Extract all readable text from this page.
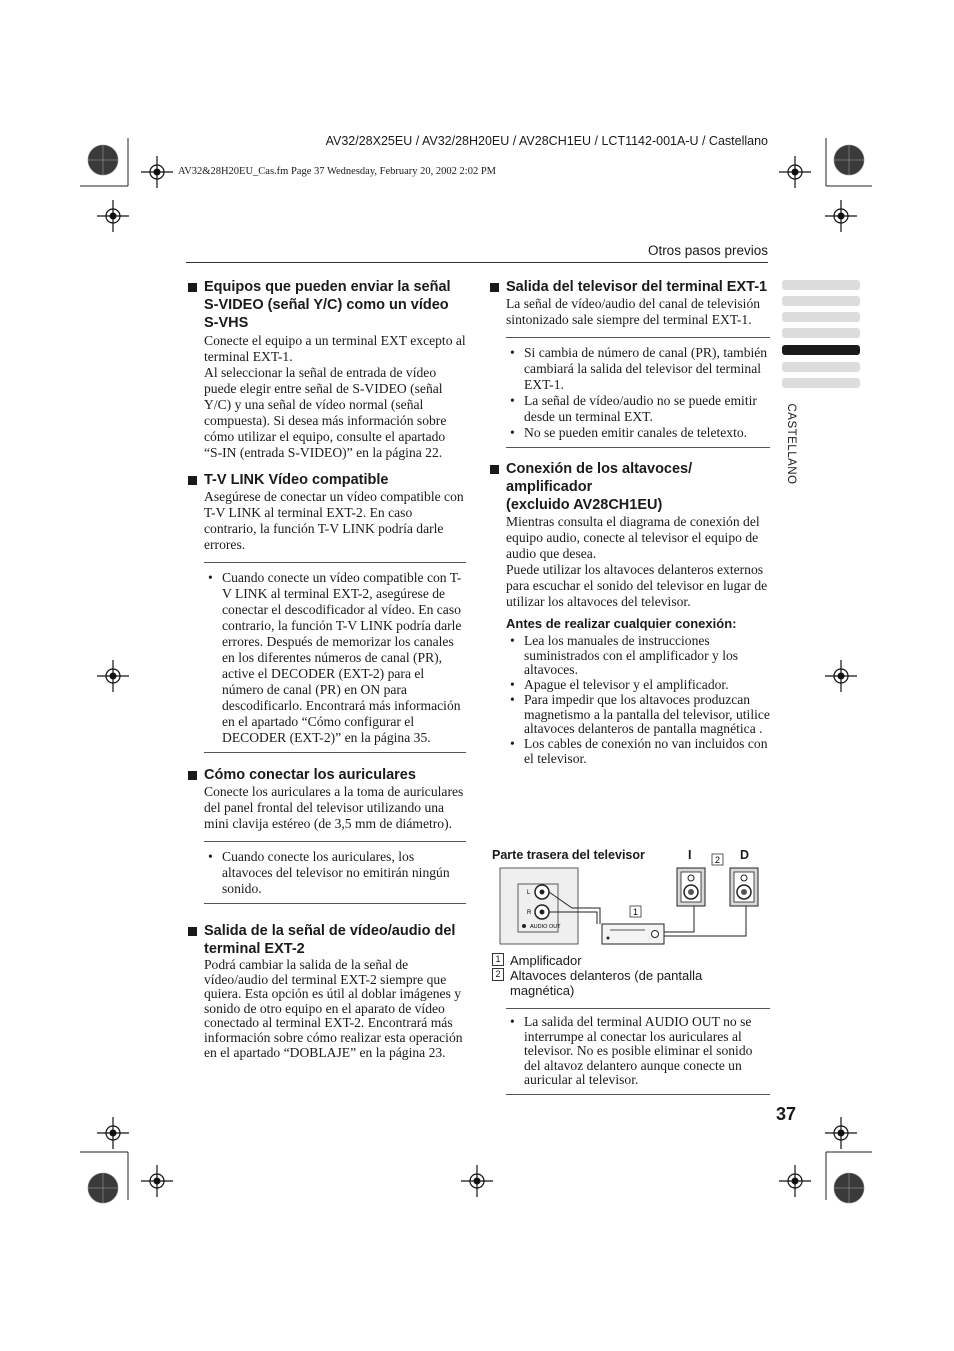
AV32/28X25EU / AV32/28H20EU / AV28CH1EU / LCT1142-001A-U / Castellano
AV32&28H20EU_Cas.fm Page 37 Wednesday, February 20, 2002 2:02 PM
Otros pasos previos
CASTELLANO
Equipos que pueden enviar la señal S-VIDEO (señal Y/C) como un vídeo S-VHS

Conecte el equipo a un terminal EXT excepto al terminal EXT-1.

Al seleccionar la señal de entrada de vídeo puede elegir entre señal de S-VIDEO (señal Y/C) y una señal de vídeo normal (señal compuesta). Si desea más información sobre cómo utilizar el equipo, consulte el apartado “S-IN (entrada S-VIDEO)” en la página 22.

T-V LINK Vídeo compatible

Asegúrese de conectar un vídeo compatible con T-V LINK al terminal EXT-2. En caso contrario, la función T-V LINK podría darle errores.

• Cuando conecte un vídeo compatible con T-V LINK al terminal EXT-2, asegúrese de conectar el descodificador al vídeo. En caso contrario, la función T-V LINK podría darle errores. Después de memorizar los canales en los diferentes números de canal (PR), active el DECODER (EXT-2) para el número de canal (PR) en ON para descodificarlo. Encontrará más información en el apartado “Cómo configurar el DECODER (EXT-2)” en la página 35.
Cómo conectar los auriculares

Conecte los auriculares a la toma de auriculares del panel frontal del televisor utilizando una mini clavija estéreo (de 3,5 mm de diámetro).

• Cuando conecte los auriculares, los altavoces del televisor no emitirán ningún sonido.
Salida de la señal de vídeo/audio del terminal EXT-2

Podrá cambiar la salida de la señal de vídeo/audio del terminal EXT-2 siempre que quiera. Esta opción es útil al doblar imágenes y sonido de otro equipo en el aparato de vídeo conectado al terminal EXT-2. Encontrará más información sobre cómo realizar esta operación en el apartado “DOBLAJE” en la página 23.

Salida del televisor del terminal EXT-1

La señal de vídeo/audio del canal de televisión sintonizado sale siempre del terminal EXT-1.

• Si cambia de número de canal (PR), también cambiará la salida del televisor del terminal EXT-1.
• La señal de vídeo/audio no se puede emitir desde un terminal EXT.
• No se pueden emitir canales de teletexto.
Conexión de los altavoces/
amplificador
(excluido AV28CH1EU)

Mientras consulta el diagrama de conexión del equipo audio, conecte al televisor el equipo de audio que desea.

Puede utilizar los altavoces delanteros externos para escuchar el sonido del televisor en lugar de utilizar los altavoces del televisor.

Antes de realizar cualquier conexión:

• Lea los manuales de instrucciones suministrados con el amplificador y los altavoces.
• Apague el televisor y el amplificador.
• Para impedir que los altavoces produzcan magnetismo a la pantalla del televisor, utilice altavoces delanteros de pantalla magnética .
• Los cables de conexión no van incluidos con el televisor.
Parte trasera del televisor	I	D
2
L
R
AUDIO OUT
1
1 Amplificador
2 Altavoces delanteros (de pantalla magnética)
• La salida del terminal AUDIO OUT no se interrumpe al conectar los auriculares al televisor. No es posible eliminar el sonido del altavoz delantero aunque conecte un auricular al televisor.
37
